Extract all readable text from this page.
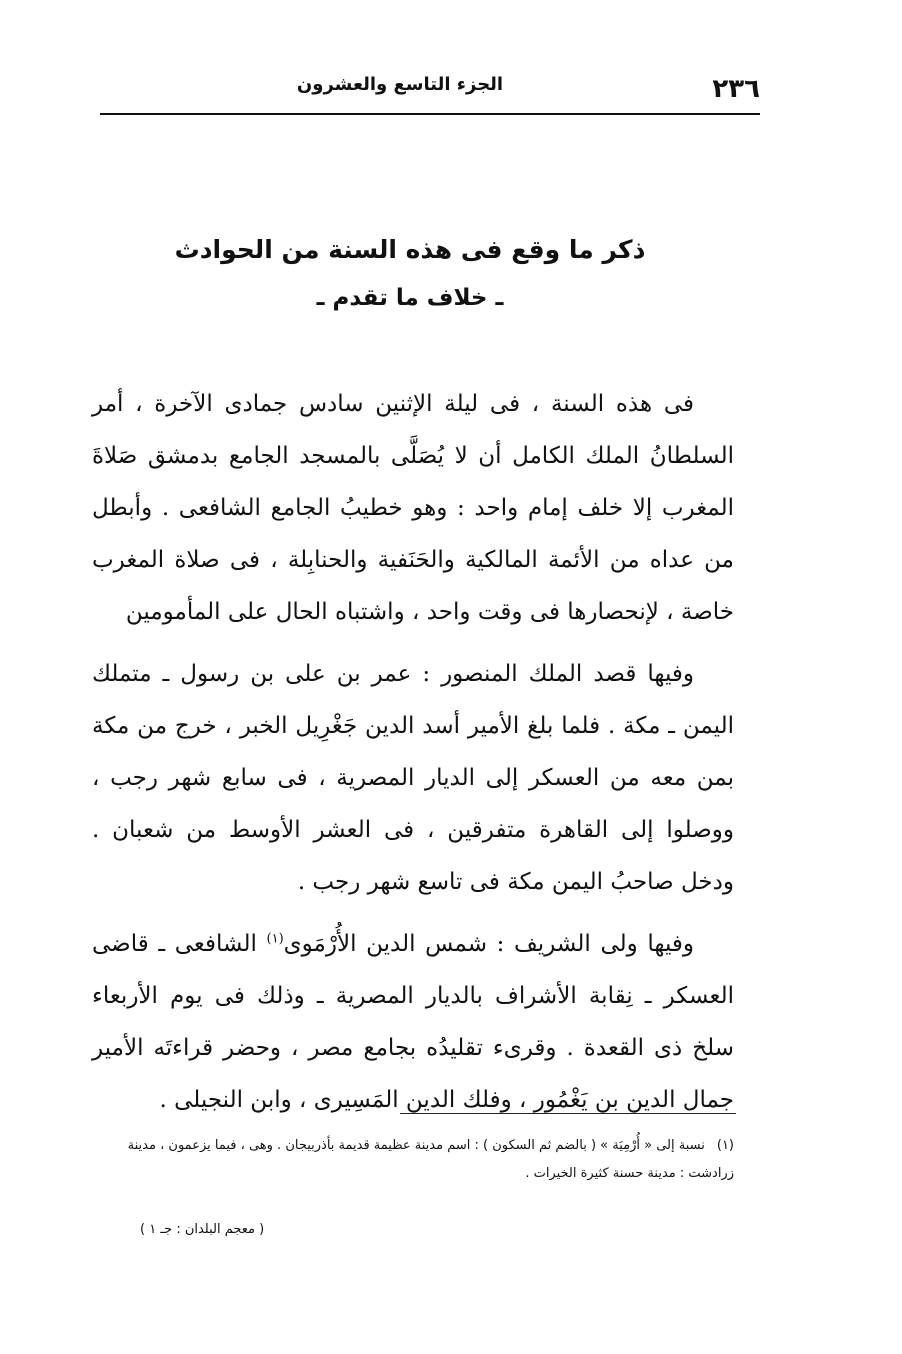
٢٣٦
الجزء التاسع والعشرون
ذكر ما وقع فى هذه السنة من الحوادث
ـ خلاف ما تقدم ـ

فى هذه السنة ، فى ليلة الإثنين سادس جمادى الآخرة ، أمر السلطانُ الملك الكامل أن لا يُصَلَّى بالمسجد الجامع بدمشق صَلاةَ المغرب إلا خلف إمام واحد : وهو خطيبُ الجامع الشافعى . وأبطل من عداه من الأئمة المالكية والحَنَفية والحنابِلة ، فى صلاة المغرب خاصة ، لإنحصارها فى وقت واحد ، واشتباه الحال على المأمومين

وفيها قصد الملك المنصور : عمر بن على بن رسول ـ متملك اليمن ـ مكة . فلما بلغ الأمير أسد الدين جَغْرِيل الخبر ، خرج من مكة بمن معه من العسكر إلى الديار المصرية ، فى سابع شهر رجب ، ووصلوا إلى القاهرة متفرقين ، فى العشر الأوسط من شعبان . ودخل صاحبُ اليمن مكة فى تاسع شهر رجب .

وفيها ولى الشريف : شمس الدين الأُرْمَوى$^{(١)}$ الشافعى ـ قاضى العسكر ـ نِقابة الأشراف بالديار المصرية ـ وذلك فى يوم الأربعاء سلخ ذى القعدة . وقرىء تقليدُه بجامع مصر ، وحضر قراءتَه الأمير جمال الدين بن يَغْمُور ، وفلك الدين المَسِيرى ، وابن النجيلى .

(١)نسبة إلى « أُرْمِيَة » ( بالضم ثم السكون ) : اسم مدينة عظيمة قديمة بأذربيجان . وهى ، فيما يزعمون ، مدينة زرادشت : مدينة حسنة كثيرة الخيرات .
( معجم البلدان : جـ ١ )
